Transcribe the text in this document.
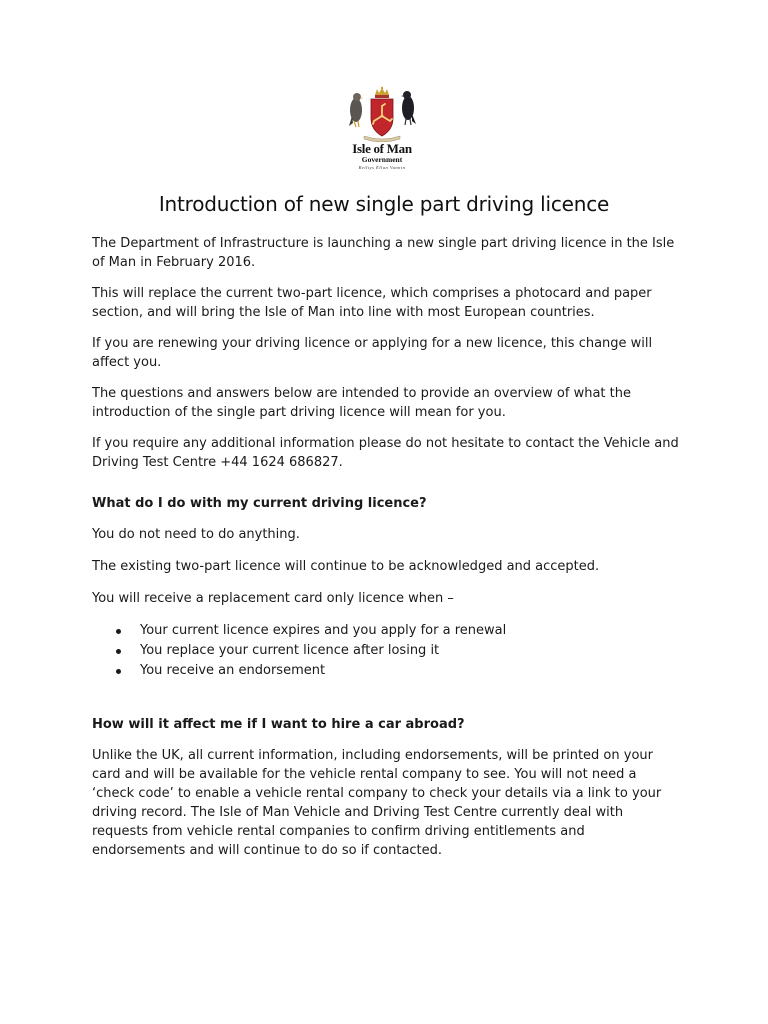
Isle of Man
Government
Reiltys Ellan Vannin
Introduction of new single part driving licence

The Department of Infrastructure is launching a new single part driving licence in the Isle of Man in February 2016.

This will replace the current two-part licence, which comprises a photocard and paper section, and will bring the Isle of Man into line with most European countries.

If you are renewing your driving licence or applying for a new licence, this change will affect you.

The questions and answers below are intended to provide an overview of what the introduction of the single part driving licence will mean for you.

If you require any additional information please do not hesitate to contact the Vehicle and Driving Test Centre +44 1624 686827.

What do I do with my current driving licence?

You do not need to do anything.

The existing two-part licence will continue to be acknowledged and accepted.

You will receive a replacement card only licence when –

Your current licence expires and you apply for a renewal
You replace your current licence after losing it
You receive an endorsement
How will it affect me if I want to hire a car abroad?

Unlike the UK, all current information, including endorsements, will be printed on your card and will be available for the vehicle rental company to see. You will not need a ‘check code’ to enable a vehicle rental company to check your details via a link to your driving record. The Isle of Man Vehicle and Driving Test Centre currently deal with requests from vehicle rental companies to confirm driving entitlements and endorsements and will continue to do so if contacted.
